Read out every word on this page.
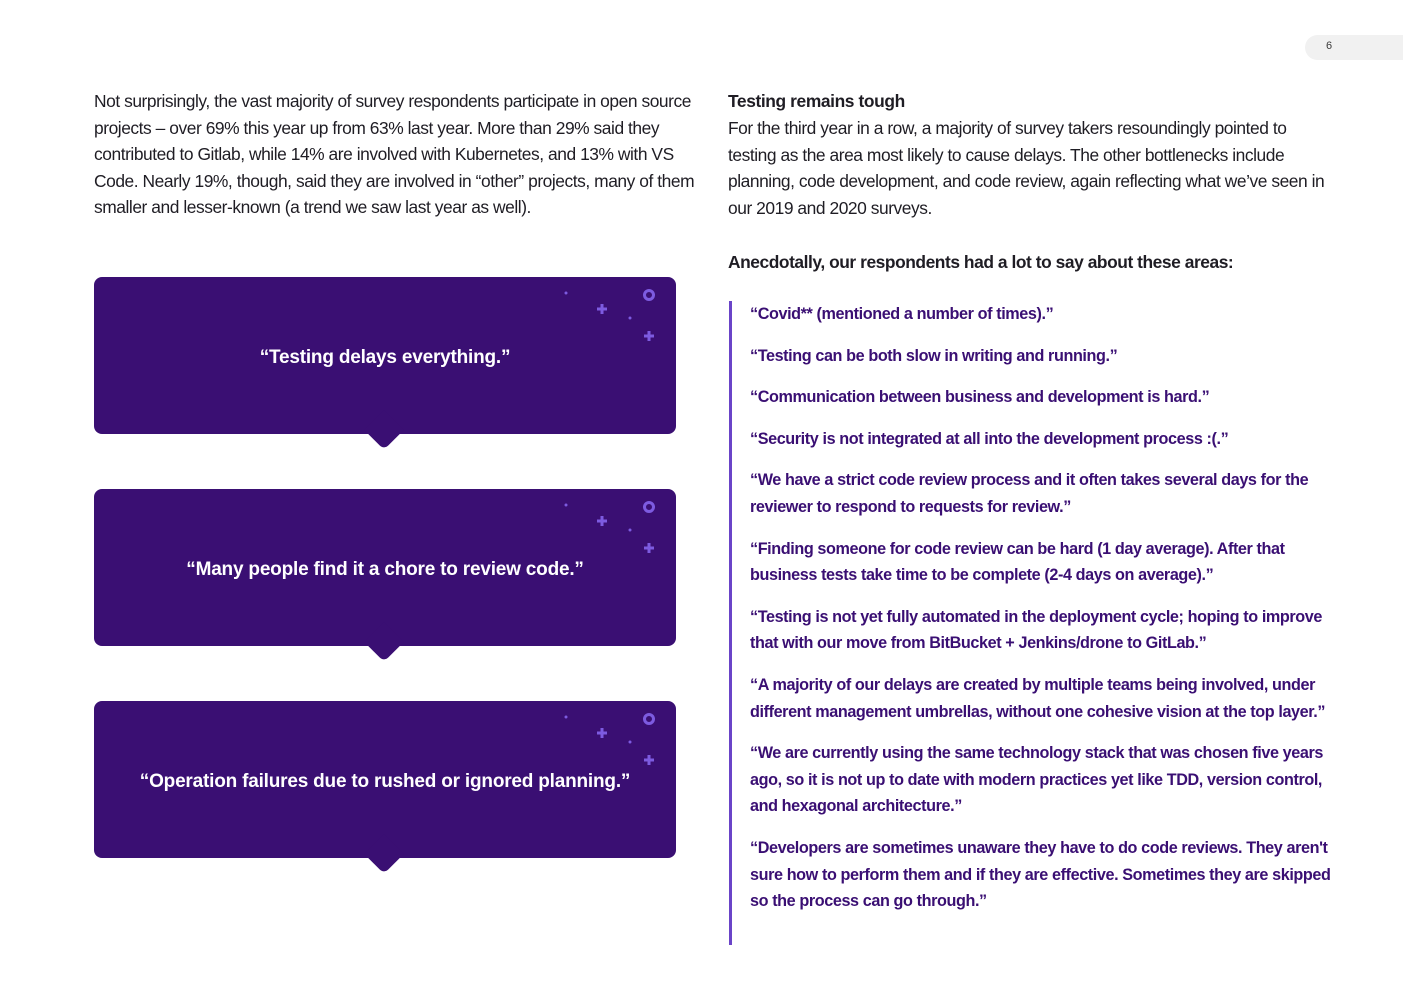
6

Not surprisingly, the vast majority of survey respondents participate in open source projects – over 69% this year up from 63% last year. More than 29% said they contributed to Gitlab, while 14% are involved with Kubernetes, and 13% with VS Code. Nearly 19%, though, said they are involved in “other” projects, many of them smaller and lesser-known (a trend we saw last year as well).

“Testing delays everything.”
“Many people find it a chore to review code.”
“Operation failures due to rushed or ignored planning.”
Testing remains tough

For the third year in a row, a majority of survey takers resoundingly pointed to testing as the area most likely to cause delays. The other bottlenecks include planning, code development, and code review, again reflecting what we’ve seen in our 2019 and 2020 surveys.

Anecdotally, our respondents had a lot to say about these areas:

“Covid** (mentioned a number of times).”
“Testing can be both slow in writing and running.”
“Communication between business and development is hard.”
“Security is not integrated at all into the development process :(.”
“We have a strict code review process and it often takes several days for the reviewer to respond to requests for review.”
“Finding someone for code review can be hard (1 day average). After that business tests take time to be complete (2-4 days on average).”
“Testing is not yet fully automated in the deployment cycle; hoping to improve that with our move from BitBucket + Jenkins/drone to GitLab.”
“A majority of our delays are created by multiple teams being involved, under different management umbrellas, without one cohesive vision at the top layer.”
“We are currently using the same technology stack that was chosen five years ago, so it is not up to date with modern practices yet like TDD, version control, and hexagonal architecture.”
“Developers are sometimes unaware they have to do code reviews. They aren't sure how to perform them and if they are effective. Sometimes they are skipped so the process can go through.”
